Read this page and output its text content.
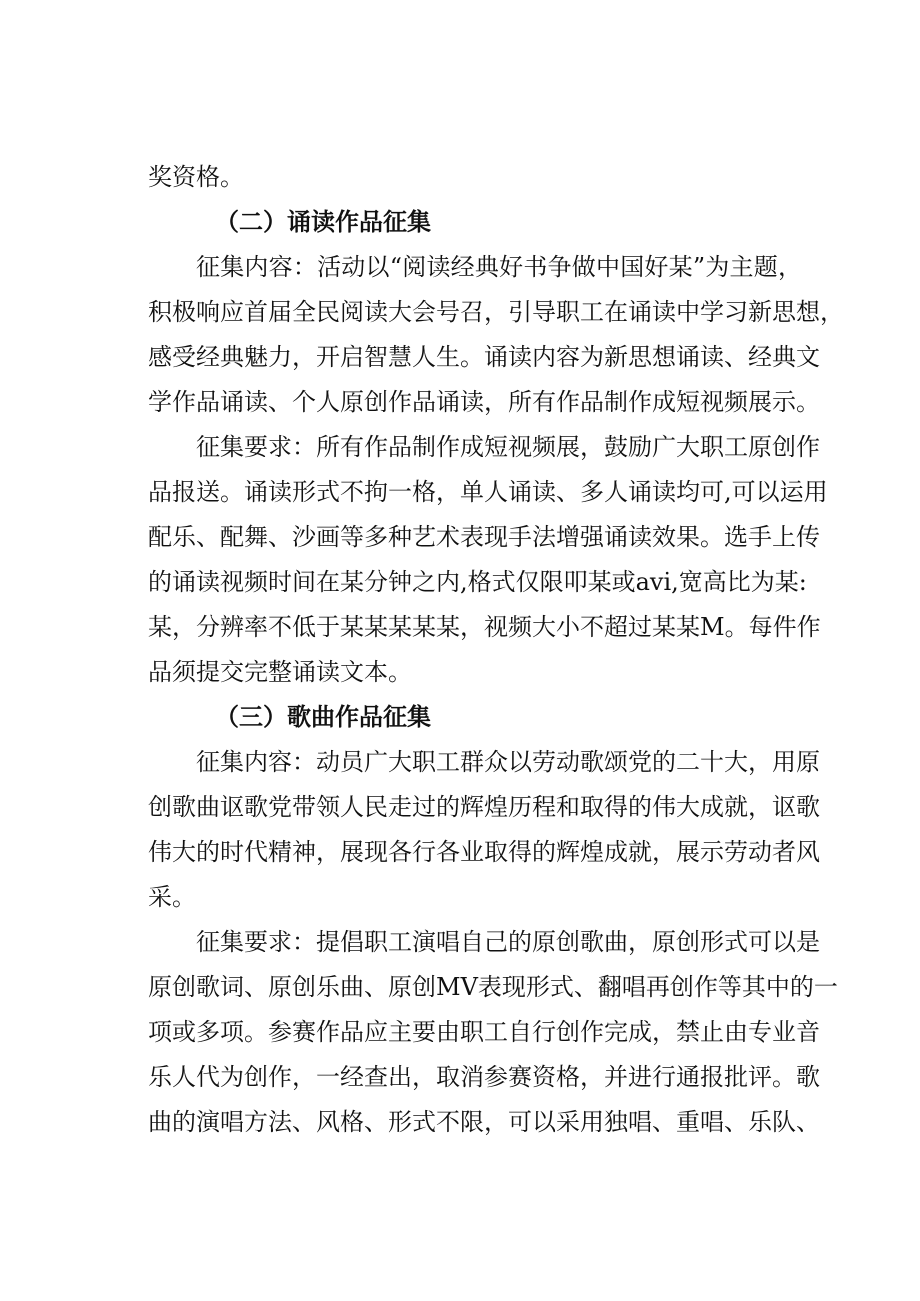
奖资格。
（二）诵读作品征集
征集内容：活动以“阅读经典好书争做中国好某”为主题，
积极响应首届全民阅读大会号召，引导职工在诵读中学习新思想，
感受经典魅力，开启智慧人生。诵读内容为新思想诵读、经典文
学作品诵读、个人原创作品诵读，所有作品制作成短视频展示。
征集要求：所有作品制作成短视频展，鼓励广大职工原创作
品报送。诵读形式不拘一格，单人诵读、多人诵读均可,可以运用
配乐、配舞、沙画等多种艺术表现手法增强诵读效果。选手上传
的诵读视频时间在某分钟之内,格式仅限叩某或avi,宽高比为某:
某，分辨率不低于某某某某某，视频大小不超过某某M。每件作
品须提交完整诵读文本。
（三）歌曲作品征集
征集内容：动员广大职工群众以劳动歌颂党的二十大，用原
创歌曲讴歌党带领人民走过的辉煌历程和取得的伟大成就，讴歌
伟大的时代精神，展现各行各业取得的辉煌成就，展示劳动者风
采。
征集要求：提倡职工演唱自己的原创歌曲，原创形式可以是
原创歌词、原创乐曲、原创MV表现形式、翻唱再创作等其中的一
项或多项。参赛作品应主要由职工自行创作完成，禁止由专业音
乐人代为创作，一经查出，取消参赛资格，并进行通报批评。歌
曲的演唱方法、风格、形式不限，可以采用独唱、重唱、乐队、
